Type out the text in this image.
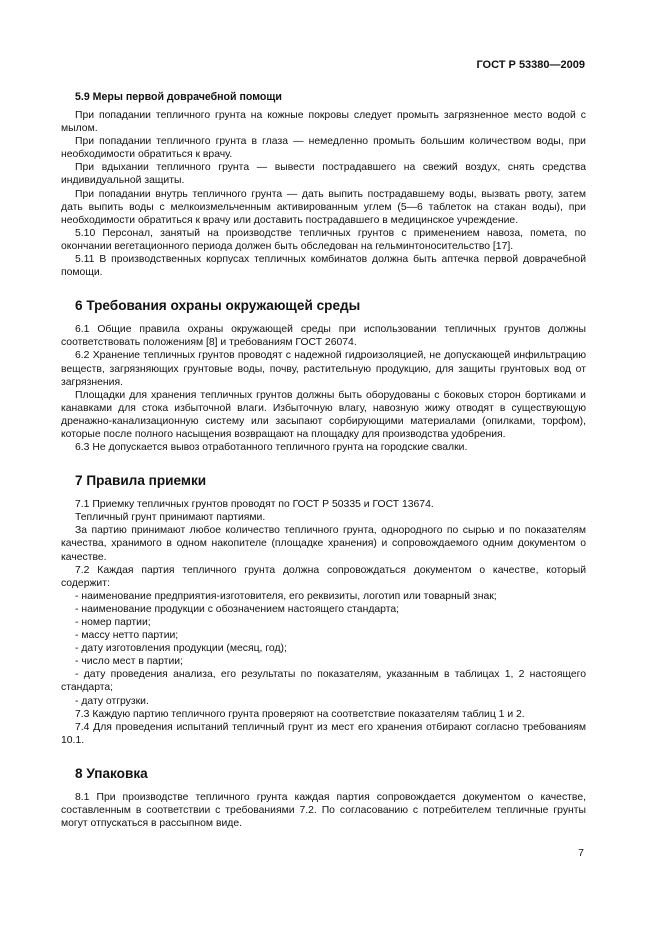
ГОСТ Р 53380—2009
5.9 Меры первой доврачебной помощи

При попадании тепличного грунта на кожные покровы следует промыть загрязненное место водой с мылом.

При попадании тепличного грунта в глаза — немедленно промыть большим количеством воды, при необходимости обратиться к врачу.

При вдыхании тепличного грунта — вывести пострадавшего на свежий воздух, снять средства индивидуальной защиты.

При попадании внутрь тепличного грунта — дать выпить пострадавшему воды, вызвать рвоту, затем дать выпить воды с мелкоизмельченным активированным углем (5—6 таблеток на стакан воды), при необходимости обратиться к врачу или доставить пострадавшего в медицинское учреждение.

5.10 Персонал, занятый на производстве тепличных грунтов с применением навоза, помета, по окончании вегетационного периода должен быть обследован на гельминтоносительство [17].

5.11 В производственных корпусах тепличных комбинатов должна быть аптечка первой доврачебной помощи.

6 Требования охраны окружающей среды

6.1 Общие правила охраны окружающей среды при использовании тепличных грунтов должны соответствовать положениям [8] и требованиям ГОСТ 26074.

6.2 Хранение тепличных грунтов проводят с надежной гидроизоляцией, не допускающей инфильтрацию веществ, загрязняющих грунтовые воды, почву, растительную продукцию, для защиты грунтовых вод от загрязнения.

Площадки для хранения тепличных грунтов должны быть оборудованы с боковых сторон бортиками и канавками для стока избыточной влаги. Избыточную влагу, навозную жижу отводят в существующую дренажно-канализационную систему или засыпают сорбирующими материалами (опилками, торфом), которые после полного насыщения возвращают на площадку для производства удобрения.

6.3 Не допускается вывоз отработанного тепличного грунта на городские свалки.

7 Правила приемки

7.1 Приемку тепличных грунтов проводят по ГОСТ Р 50335 и ГОСТ 13674.

Тепличный грунт принимают партиями.

За партию принимают любое количество тепличного грунта, однородного по сырью и по показателям качества, хранимого в одном накопителе (площадке хранения) и сопровождаемого одним документом о качестве.

7.2 Каждая партия тепличного грунта должна сопровождаться документом о качестве, который содержит:

- наименование предприятия-изготовителя, его реквизиты, логотип или товарный знак;

- наименование продукции с обозначением настоящего стандарта;

- номер партии;

- массу нетто партии;

- дату изготовления продукции (месяц, год);

- число мест в партии;

- дату проведения анализа, его результаты по показателям, указанным в таблицах 1, 2 настоящего стандарта;

- дату отгрузки.

7.3 Каждую партию тепличного грунта проверяют на соответствие показателям таблиц 1 и 2.

7.4 Для проведения испытаний тепличный грунт из мест его хранения отбирают согласно требованиям 10.1.

8 Упаковка

8.1 При производстве тепличного грунта каждая партия сопровождается документом о качестве, составленным в соответствии с требованиями 7.2. По согласованию с потребителем тепличные грунты могут отпускаться в рассыпном виде.

7
